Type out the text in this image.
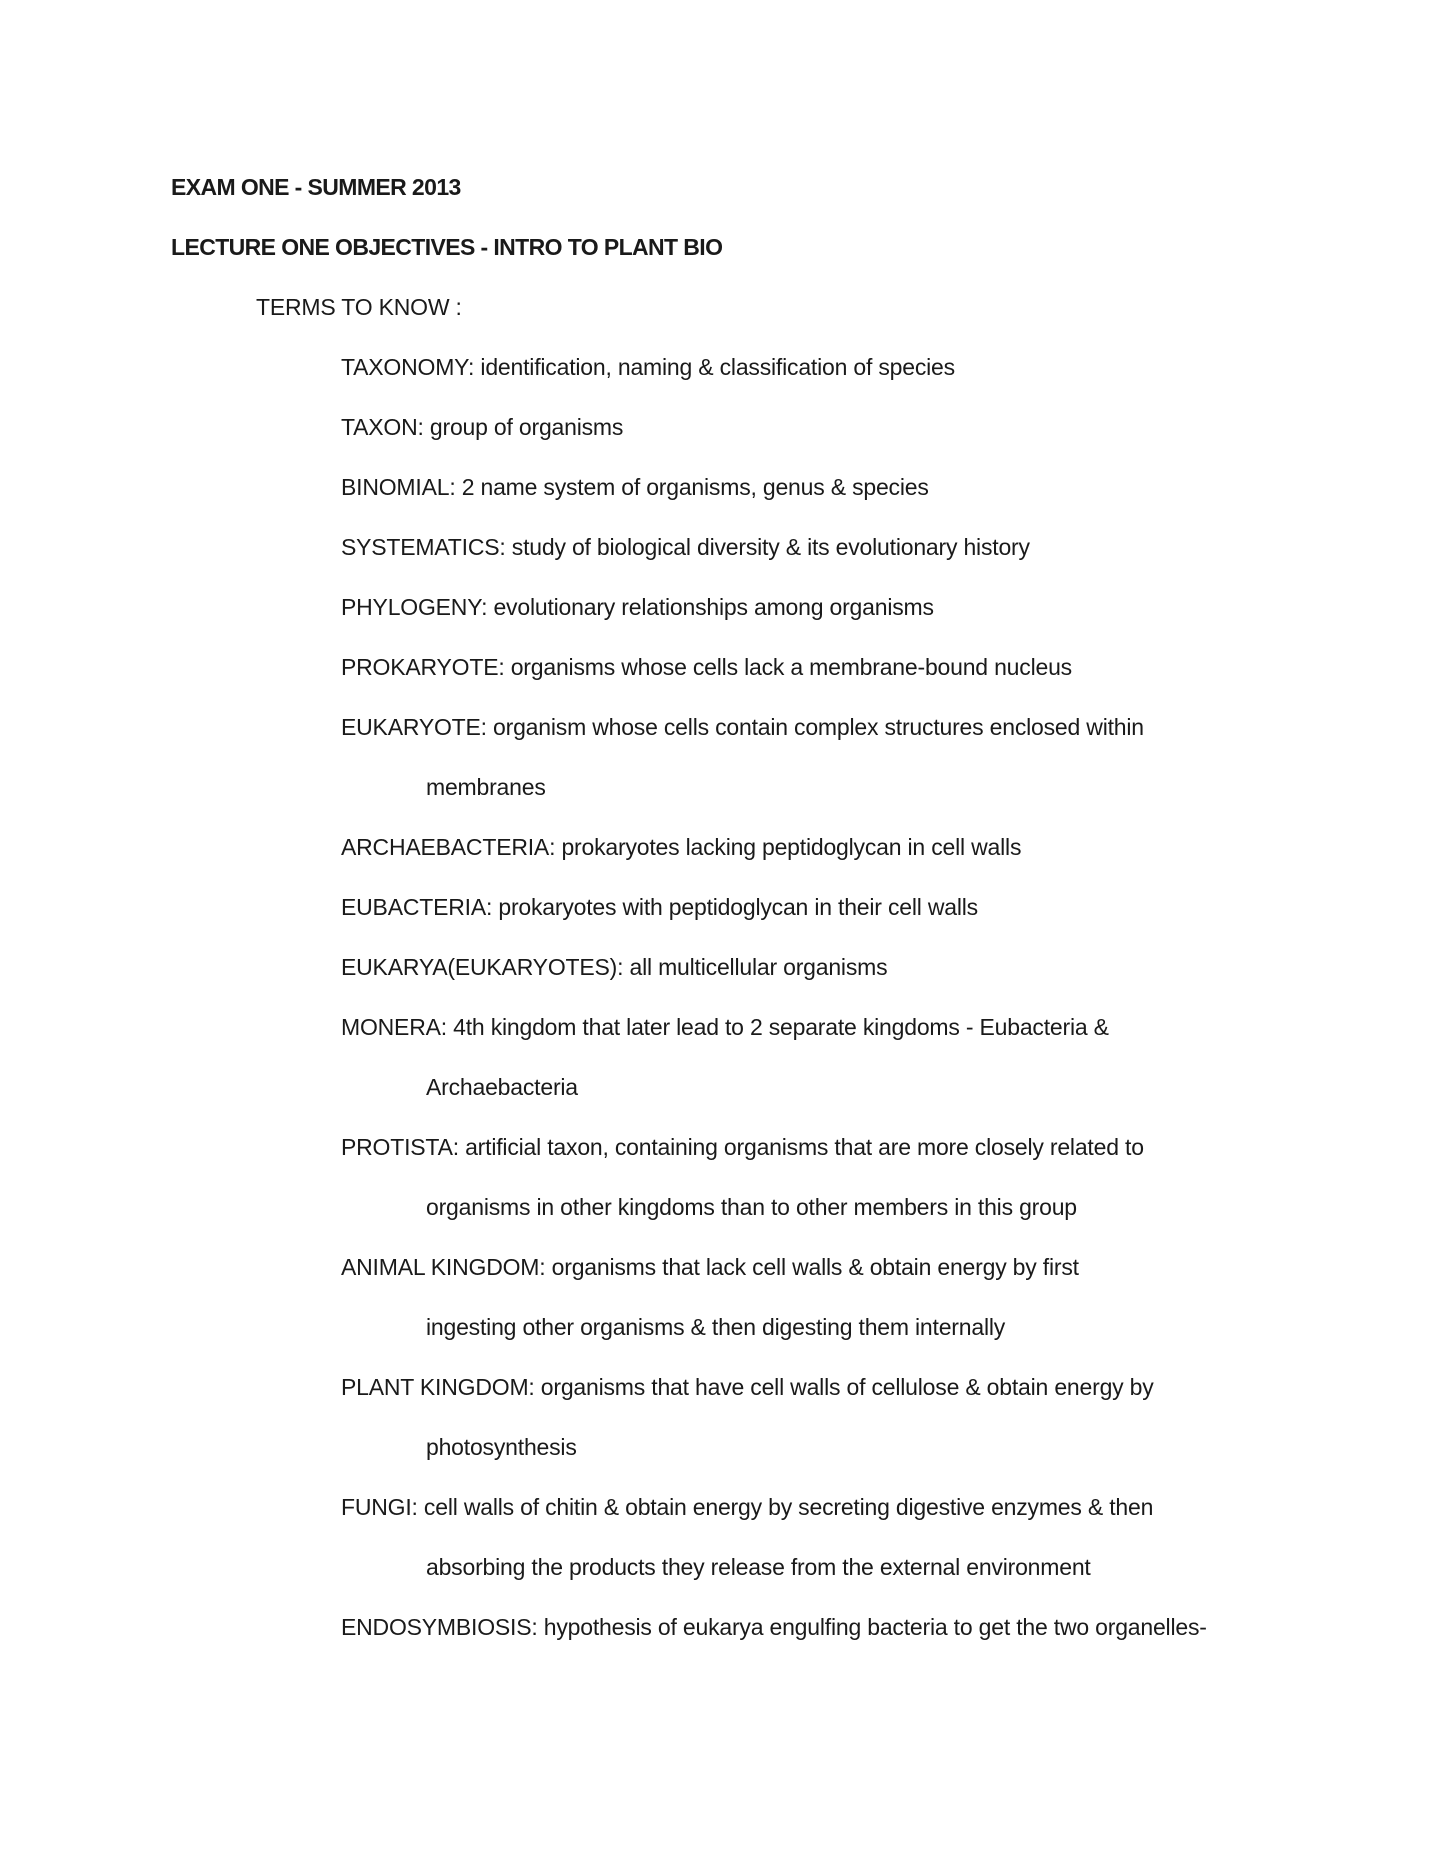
EXAM ONE - SUMMER 2013
LECTURE ONE OBJECTIVES - INTRO TO PLANT BIO
TERMS TO KNOW :
TAXONOMY: identification, naming & classification of species
TAXON: group of organisms
BINOMIAL: 2 name system of organisms, genus & species
SYSTEMATICS: study of biological diversity & its evolutionary history
PHYLOGENY: evolutionary relationships among organisms
PROKARYOTE: organisms whose cells lack a membrane-bound nucleus
EUKARYOTE: organism whose cells contain complex structures enclosed within
membranes
ARCHAEBACTERIA: prokaryotes lacking peptidoglycan in cell walls
EUBACTERIA: prokaryotes with peptidoglycan in their cell walls
EUKARYA(EUKARYOTES): all multicellular organisms
MONERA: 4th kingdom that later lead to 2 separate kingdoms - Eubacteria &
Archaebacteria
PROTISTA: artificial taxon, containing organisms that are more closely related to
organisms in other kingdoms than to other members in this group
ANIMAL KINGDOM: organisms that lack cell walls & obtain energy by first
ingesting other organisms & then digesting them internally
PLANT KINGDOM: organisms that have cell walls of cellulose & obtain energy by
photosynthesis
FUNGI: cell walls of chitin & obtain energy by secreting digestive enzymes & then
absorbing the products they release from the external environment
ENDOSYMBIOSIS: hypothesis of eukarya engulfing bacteria to get the two organelles-
